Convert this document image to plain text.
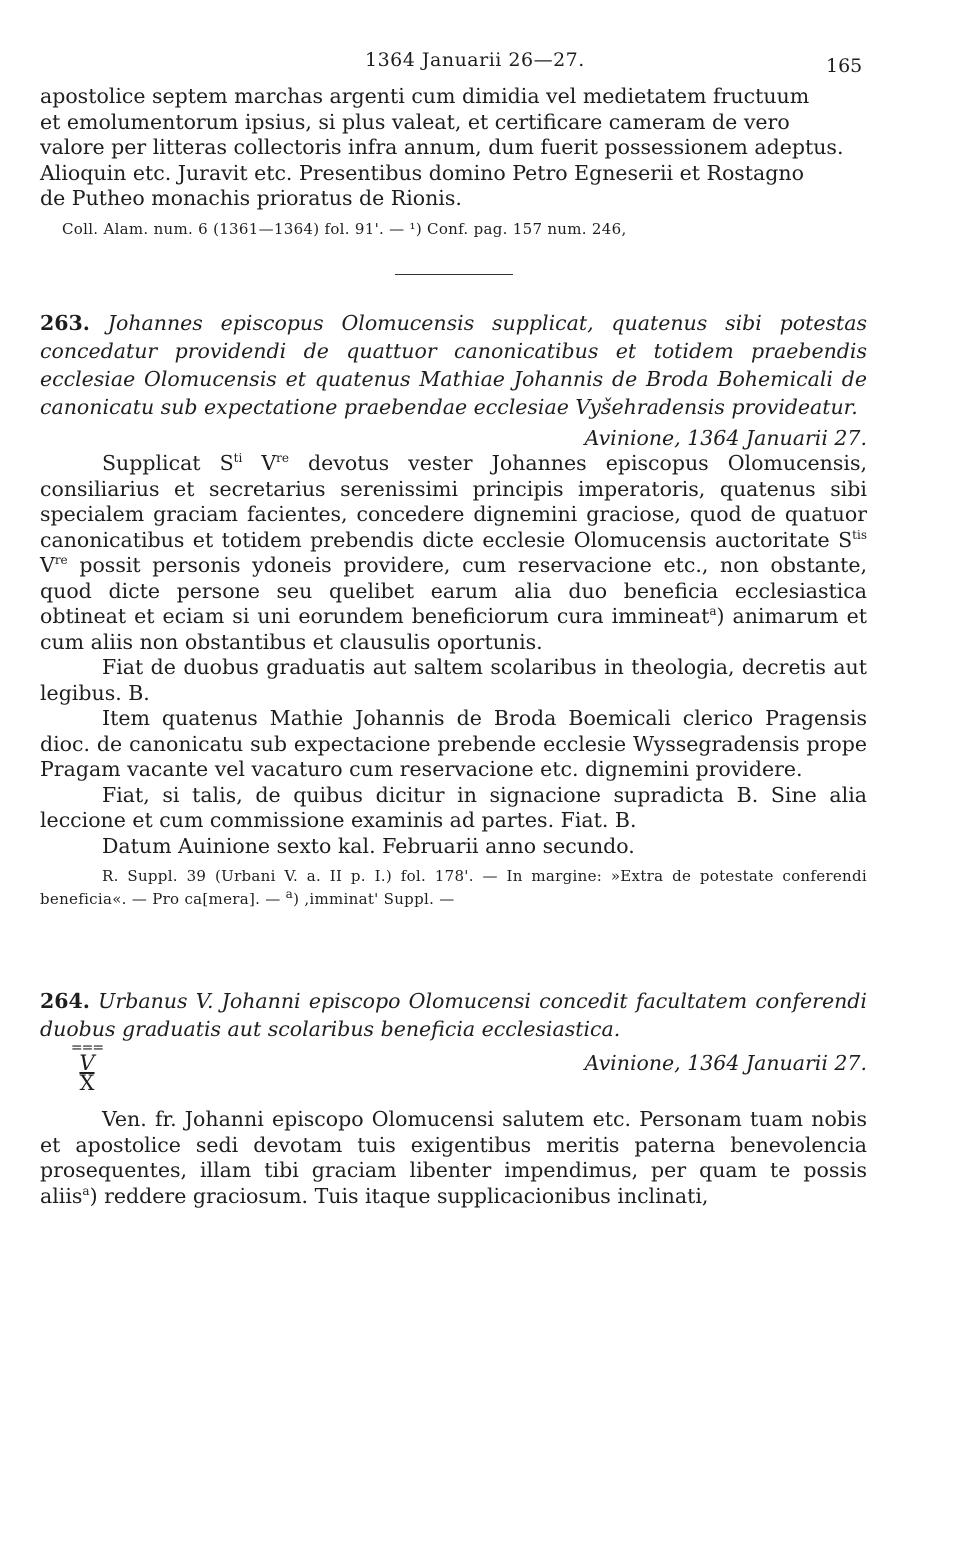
1364 Januarii 26—27.	165

apostolice septem marchas argenti cum dimidia vel medietatem fructuum

et emolumentorum ipsius, si plus valeat, et certificare cameram de vero

valore per litteras collectoris infra annum, dum fuerit possessionem adeptus.

Alioquin etc. Juravit etc. Presentibus domino Petro Egneserii et Rostagno

de Putheo monachis prioratus de Rionis.

Coll. Alam. num. 6 (1361—1364) fol. 91'. — ¹) Conf. pag. 157 num. 246,

263. Johannes episcopus Olomucensis supplicat, quatenus sibi potestas concedatur providendi de quattuor canonicatibus et totidem praebendis ecclesiae Olomucensis et quatenus Mathiae Johannis de Broda Bohemicali de canonicatu sub expectatione praebendae ecclesiae Vyšehradensis provideatur.

Avinione, 1364 Januarii 27.

Supplicat $S^{ti}$ Vre devotus vester Johannes episcopus Olomucensis, consiliarius et secretarius serenissimi principis imperatoris, quatenus sibi specialem graciam facientes, concedere dignemini graciose, quod de quatuor canonicatibus et totidem prebendis dicte ecclesie Olomucensis auctoritate $S^{tis}$ Vre possit personis ydoneis providere, cum reservacione etc., non obstante, quod dicte persone seu quelibet earum alia duo beneficia ecclesiastica obtineat et eciam si uni eorundem beneficiorum cura immineat$^a$) animarum et cum aliis non obstantibus et clausulis oportunis.

Fiat de duobus graduatis aut saltem scolaribus in theologia, decretis aut legibus. B.

Item quatenus Mathie Johannis de Broda Boemicali clerico Pragensis dioc. de canonicatu sub expectacione prebende ecclesie Wyssegradensis prope Pragam vacante vel vacaturo cum reservacione etc. dignemini providere.

Fiat, si talis, de quibus dicitur in signacione supradicta B. Sine alia leccione et cum commissione examinis ad partes. Fiat. B.

Datum Auinione sexto kal. Februarii anno secundo.

R. Suppl. 39 (Urbani V. a. II p. I.) fol. 178'. — In margine: »Extra de potestate conferendi beneficia«. — Pro ca[mera]. — $^a$) ,imminat' Suppl. —

264. Urbanus V. Johanni episcopo Olomucensi concedit facultatem conferendi duobus graduatis aut scolaribus beneficia ecclesiastica.

===
V
X
Avinione, 1364 Januarii 27.

Ven. fr. Johanni episcopo Olomucensi salutem etc. Personam tuam nobis et apostolice sedi devotam tuis exigentibus meritis paterna benevolencia prosequentes, illam tibi graciam libenter impendimus, per quam te possis aliis$^a$) reddere graciosum. Tuis itaque supplicacionibus inclinati,
